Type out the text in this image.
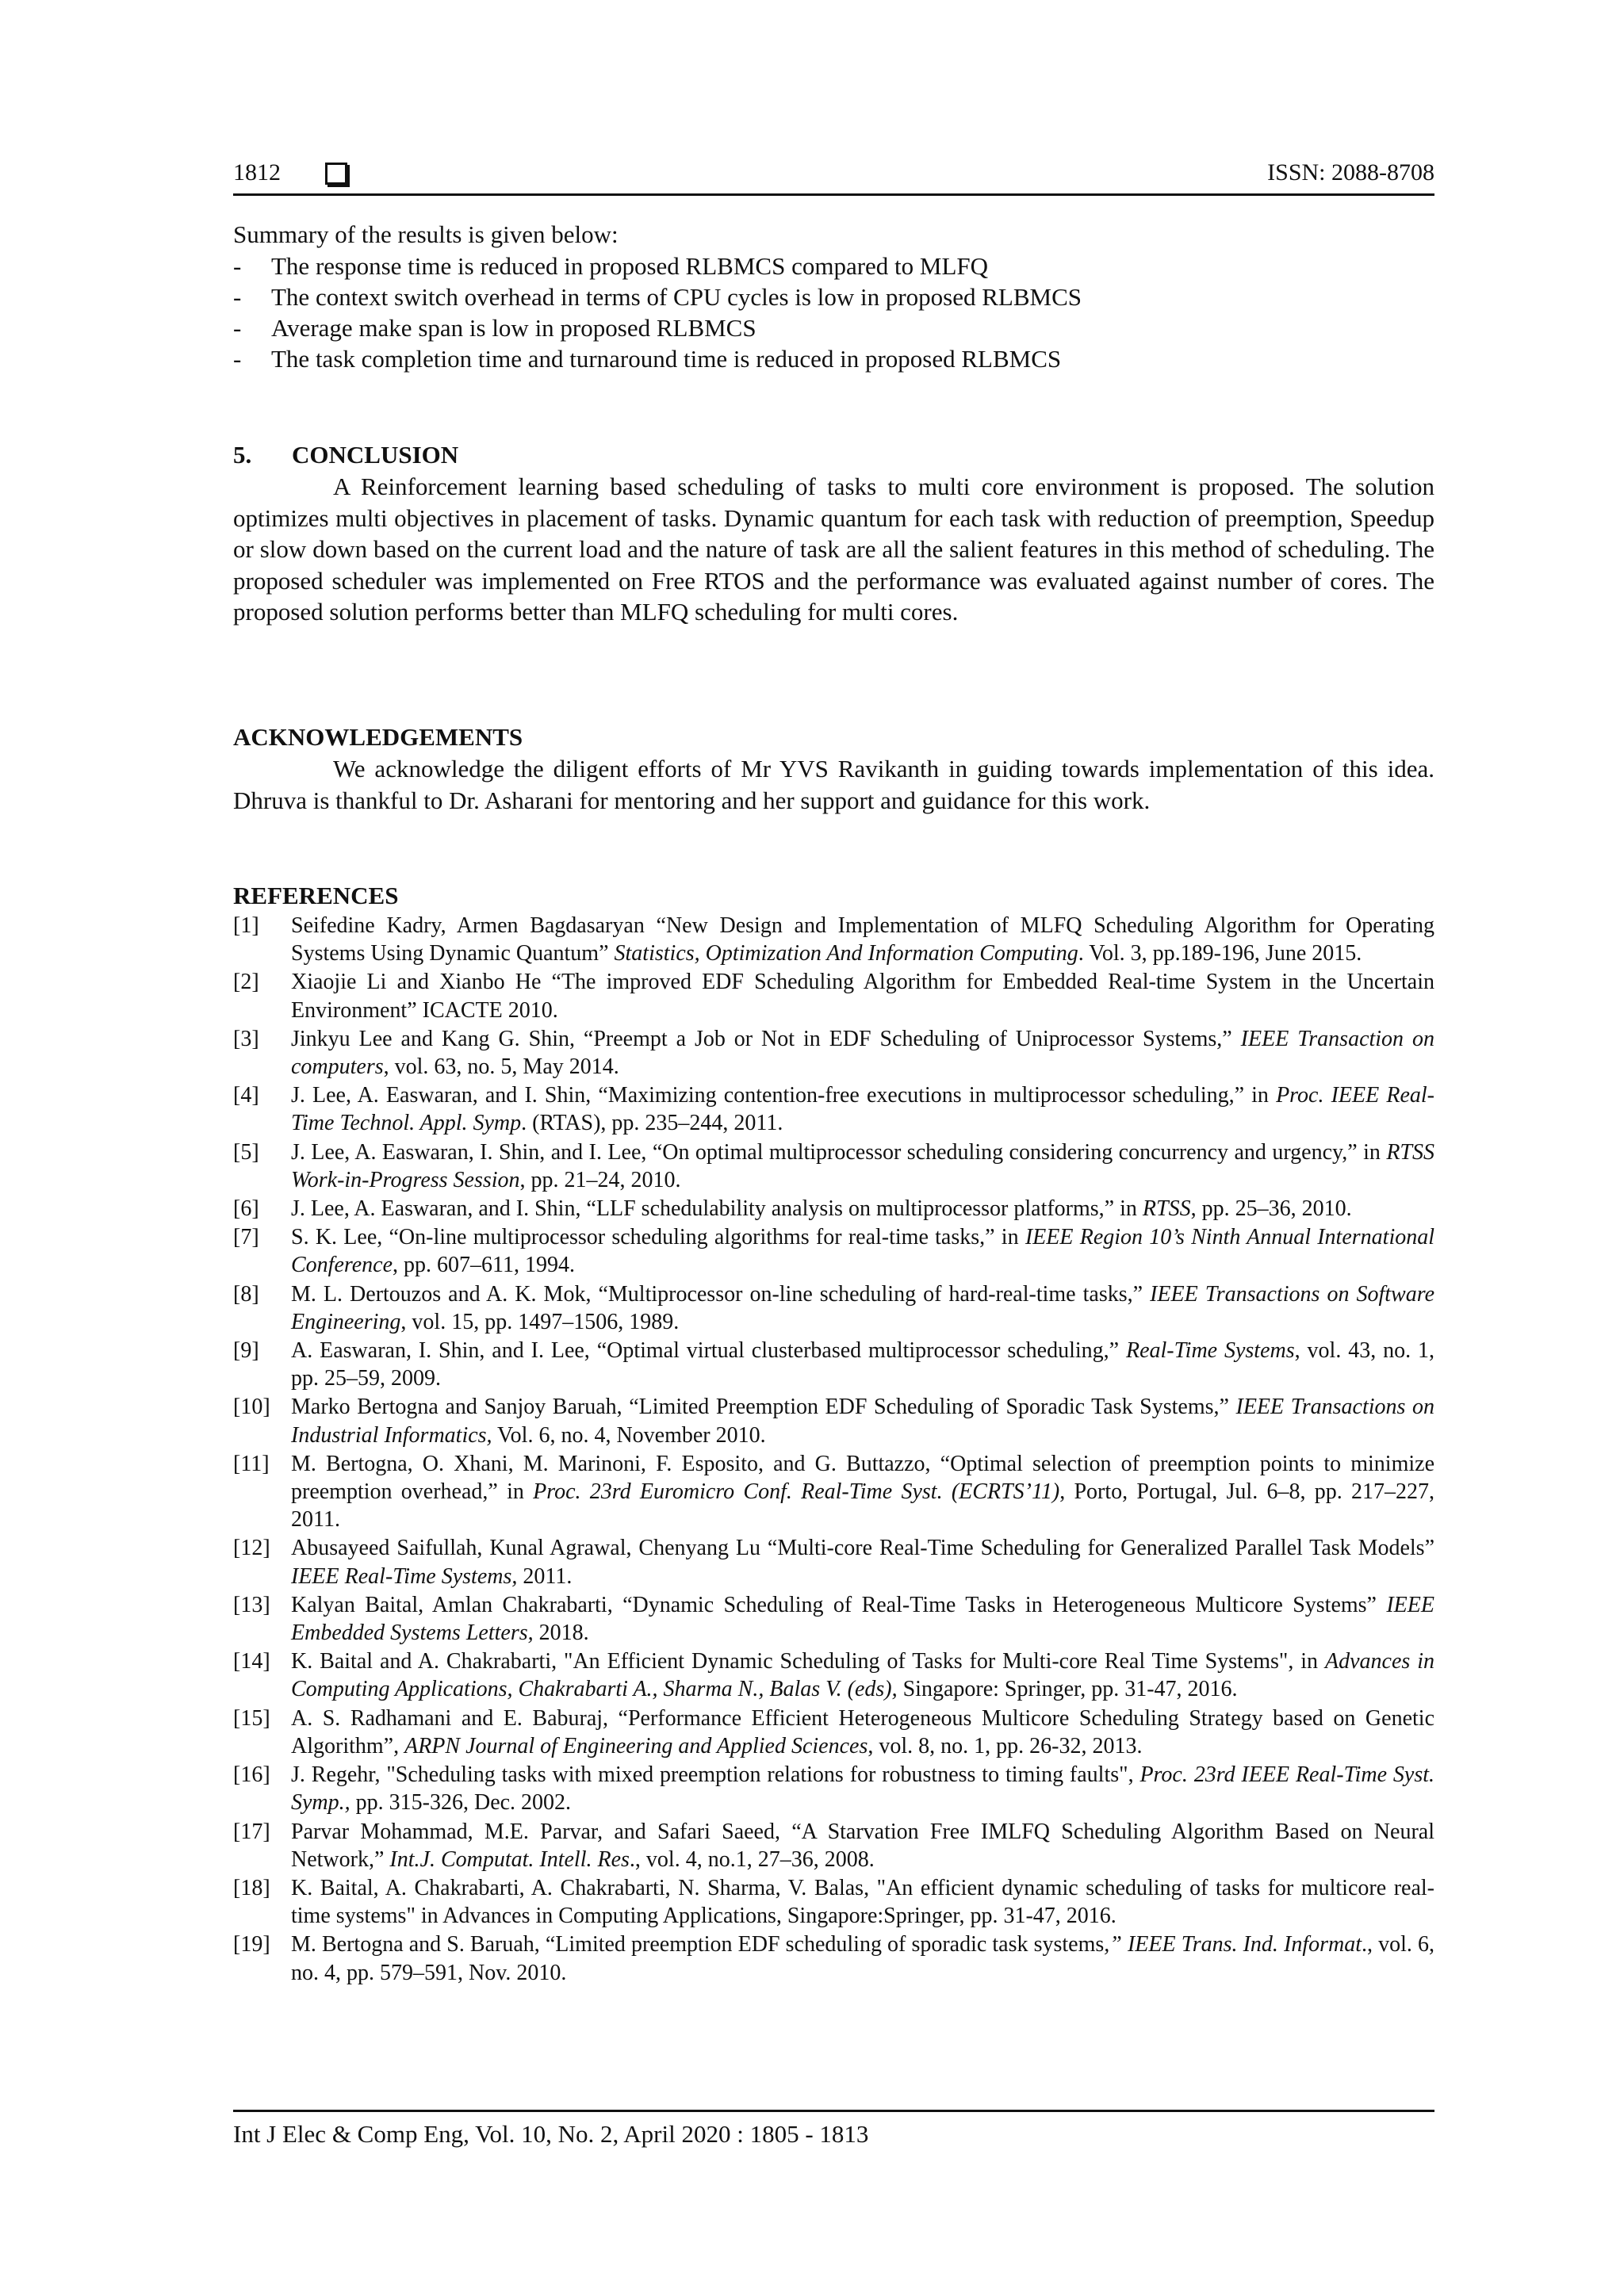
1812	ISSN: 2088-8708
Summary of the results is given below:
- The response time is reduced in proposed RLBMCS compared to MLFQ
- The context switch overhead in terms of CPU cycles is low in proposed RLBMCS
- Average make span is low in proposed RLBMCS
- The task completion time and turnaround time is reduced in proposed RLBMCS
5. CONCLUSION
A Reinforcement learning based scheduling of tasks to multi core environment is proposed. The solution optimizes multi objectives in placement of tasks. Dynamic quantum for each task with reduction of preemption, Speedup or slow down based on the current load and the nature of task are all the salient features in this method of scheduling. The proposed scheduler was implemented on Free RTOS and the performance was evaluated against number of cores. The proposed solution performs better than MLFQ scheduling for multi cores.
ACKNOWLEDGEMENTS
We acknowledge the diligent efforts of Mr YVS Ravikanth in guiding towards implementation of this idea. Dhruva is thankful to Dr. Asharani for mentoring and her support and guidance for this work.
REFERENCES
[1] Seifedine Kadry, Armen Bagdasaryan “New Design and Implementation of MLFQ Scheduling Algorithm for Operating Systems Using Dynamic Quantum” Statistics, Optimization And Information Computing. Vol. 3, pp.189-196, June 2015.
[2] Xiaojie Li and Xianbo He “The improved EDF Scheduling Algorithm for Embedded Real-time System in the Uncertain Environment” ICACTE 2010.
[3] Jinkyu Lee and Kang G. Shin, “Preempt a Job or Not in EDF Scheduling of Uniprocessor Systems,” IEEE Transaction on computers, vol. 63, no. 5, May 2014.
[4] J. Lee, A. Easwaran, and I. Shin, “Maximizing contention-free executions in multiprocessor scheduling,” in Proc. IEEE Real-Time Technol. Appl. Symp. (RTAS), pp. 235–244, 2011.
[5] J. Lee, A. Easwaran, I. Shin, and I. Lee, “On optimal multiprocessor scheduling considering concurrency and urgency,” in RTSS Work-in-Progress Session, pp. 21–24, 2010.
[6] J. Lee, A. Easwaran, and I. Shin, “LLF schedulability analysis on multiprocessor platforms,” in RTSS, pp. 25–36, 2010.
[7] S. K. Lee, “On-line multiprocessor scheduling algorithms for real-time tasks,” in IEEE Region 10’s Ninth Annual International Conference, pp. 607–611, 1994.
[8] M. L. Dertouzos and A. K. Mok, “Multiprocessor on-line scheduling of hard-real-time tasks,” IEEE Transactions on Software Engineering, vol. 15, pp. 1497–1506, 1989.
[9] A. Easwaran, I. Shin, and I. Lee, “Optimal virtual clusterbased multiprocessor scheduling,” Real-Time Systems, vol. 43, no. 1, pp. 25–59, 2009.
[10] Marko Bertogna and Sanjoy Baruah, “Limited Preemption EDF Scheduling of Sporadic Task Systems,” IEEE Transactions on Industrial Informatics, Vol. 6, no. 4, November 2010.
[11] M. Bertogna, O. Xhani, M. Marinoni, F. Esposito, and G. Buttazzo, “Optimal selection of preemption points to minimize preemption overhead,” in Proc. 23rd Euromicro Conf. Real-Time Syst. (ECRTS’11), Porto, Portugal, Jul. 6–8, pp. 217–227, 2011.
[12] Abusayeed Saifullah, Kunal Agrawal, Chenyang Lu “Multi-core Real-Time Scheduling for Generalized Parallel Task Models” IEEE Real-Time Systems, 2011.
[13] Kalyan Baital, Amlan Chakrabarti, “Dynamic Scheduling of Real-Time Tasks in Heterogeneous Multicore Systems” IEEE Embedded Systems Letters, 2018.
[14] K. Baital and A. Chakrabarti, "An Efficient Dynamic Scheduling of Tasks for Multi-core Real Time Systems", in Advances in Computing Applications, Chakrabarti A., Sharma N., Balas V. (eds), Singapore: Springer, pp. 31-47, 2016.
[15] A. S. Radhamani and E. Baburaj, “Performance Efficient Heterogeneous Multicore Scheduling Strategy based on Genetic Algorithm”, ARPN Journal of Engineering and Applied Sciences, vol. 8, no. 1, pp. 26-32, 2013.
[16] J. Regehr, "Scheduling tasks with mixed preemption relations for robustness to timing faults", Proc. 23rd IEEE Real-Time Syst. Symp., pp. 315-326, Dec. 2002.
[17] Parvar Mohammad, M.E. Parvar, and Safari Saeed, “A Starvation Free IMLFQ Scheduling Algorithm Based on Neural Network,” Int.J. Computat. Intell. Res., vol. 4, no.1, 27–36, 2008.
[18] K. Baital, A. Chakrabarti, A. Chakrabarti, N. Sharma, V. Balas, "An efficient dynamic scheduling of tasks for multicore real-time systems" in Advances in Computing Applications, Singapore:Springer, pp. 31-47, 2016.
[19] M. Bertogna and S. Baruah, “Limited preemption EDF scheduling of sporadic task systems,” IEEE Trans. Ind. Informat., vol. 6, no. 4, pp. 579–591, Nov. 2010.
Int J Elec & Comp Eng, Vol. 10, No. 2, April 2020 : 1805 - 1813
